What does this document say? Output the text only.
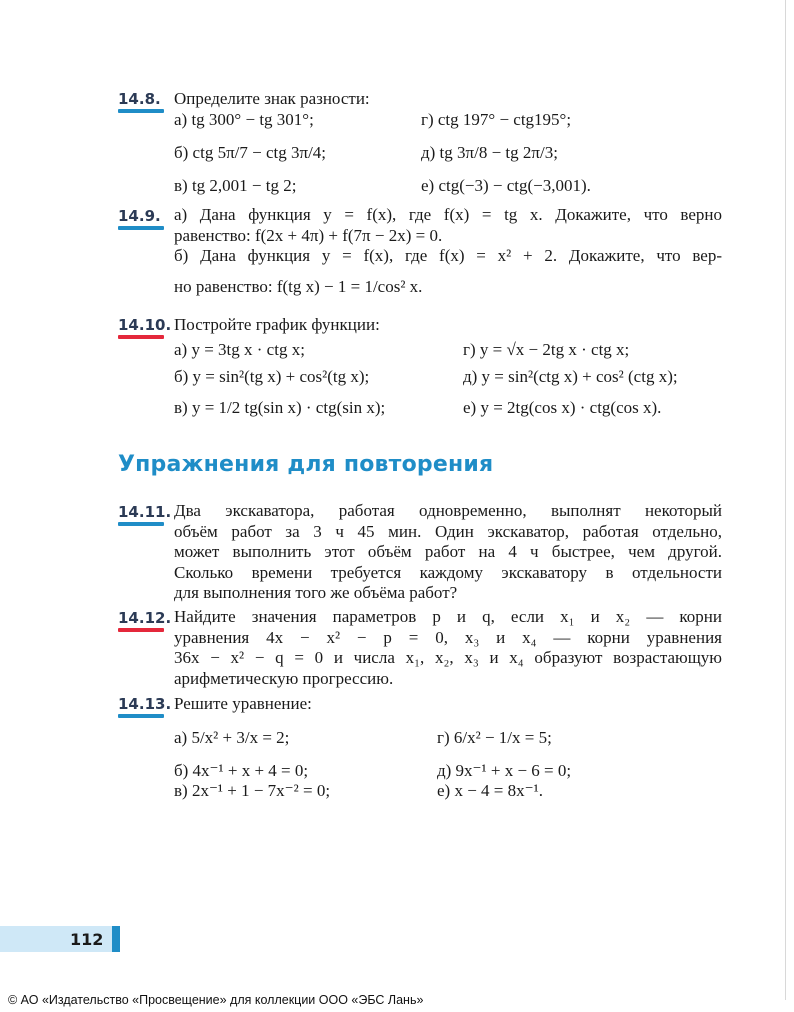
14.8. Определите знак разности:
а) tg 300° − tg 301°;	г) ctg 197° − ctg195°;
б) ctg 5π/7 − ctg 3π/4;	д) tg 3π/8 − tg 2π/3;
в) tg 2,001 − tg 2;	е) ctg(−3) − ctg(−3,001).
14.9. а) Дана функция y = f(x), где f(x) = tg x. Докажите, что верно
равенство: f(2x + 4π) + f(7π − 2x) = 0.
б) Дана функция y = f(x), где f(x) = x² + 2. Докажите, что вер-
но равенство: f(tg x) − 1 = 1/cos² x.
14.10. Постройте график функции:
а) y = 3tg x · ctg x;	г) y = √x − 2tg x · ctg x;
б) y = sin²(tg x) + cos²(tg x);	д) y = sin²(ctg x) + cos² (ctg x);
в) y = 1/2 tg(sin x) · ctg(sin x);	е) y = 2tg(cos x) · ctg(cos x).
Упражнения для повторения
14.11. Два экскаватора, работая одновременно, выполнят некоторый
объём работ за 3 ч 45 мин. Один экскаватор, работая отдельно,
может выполнить этот объём работ на 4 ч быстрее, чем другой.
Сколько времени требуется каждому экскаватору в отдельности
для выполнения того же объёма работ?
14.12. Найдите значения параметров p и q, если x₁ и x₂ — корни
уравнения 4x − x² − p = 0, x₃ и x₄ — корни уравнения
36x − x² − q = 0 и числа x₁, x₂, x₃ и x₄ образуют возрастающую
арифметическую прогрессию.
14.13. Решите уравнение:
а) 5/x² + 3/x = 2;	г) 6/x² − 1/x = 5;
б) 4x⁻¹ + x + 4 = 0;	д) 9x⁻¹ + x − 6 = 0;
в) 2x⁻¹ + 1 − 7x⁻² = 0;	е) x − 4 = 8x⁻¹.
112
© АО «Издательство «Просвещение» для коллекции ООО «ЭБС Лань»
